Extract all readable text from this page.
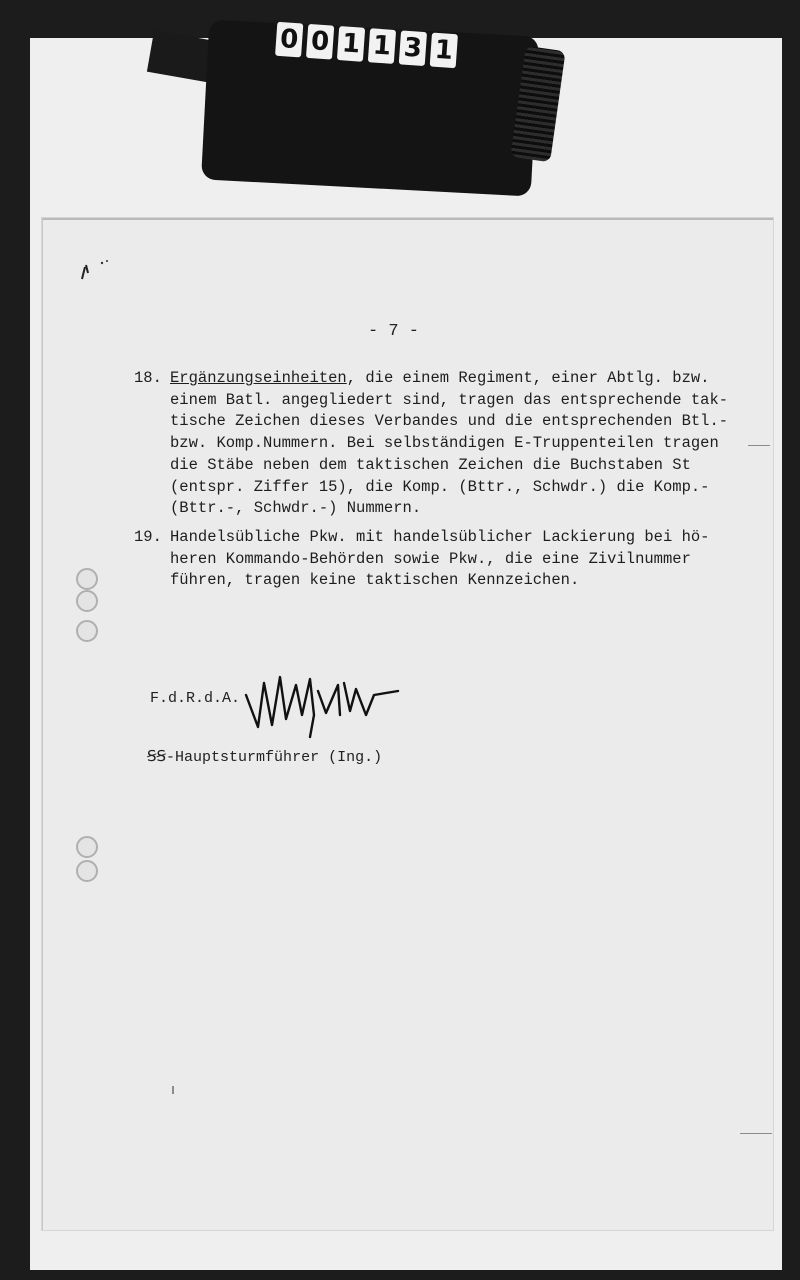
0 0 1 1 3 1
- 7 -
18. Ergänzungseinheiten, die einem Regiment, einer Abtlg. bzw.
einem Batl. angegliedert sind, tragen das entsprechende tak-
tische Zeichen dieses Verbandes und die entsprechenden Btl.-
bzw. Komp.Nummern. Bei selbständigen E-Truppenteilen tragen
die Stäbe neben dem taktischen Zeichen die Buchstaben St
(entspr. Ziffer 15), die Komp. (Bttr., Schwdr.) die Komp.-
(Bttr.-, Schwdr.-) Nummern.
19. Handelsübliche Pkw. mit handelsüblicher Lackierung bei hö-
heren Kommando-Behörden sowie Pkw., die eine Zivilnummer
führen, tragen keine taktischen Kennzeichen.
F.d.R.d.A.
ꞨꞨ-Hauptsturmführer (Ing.)
